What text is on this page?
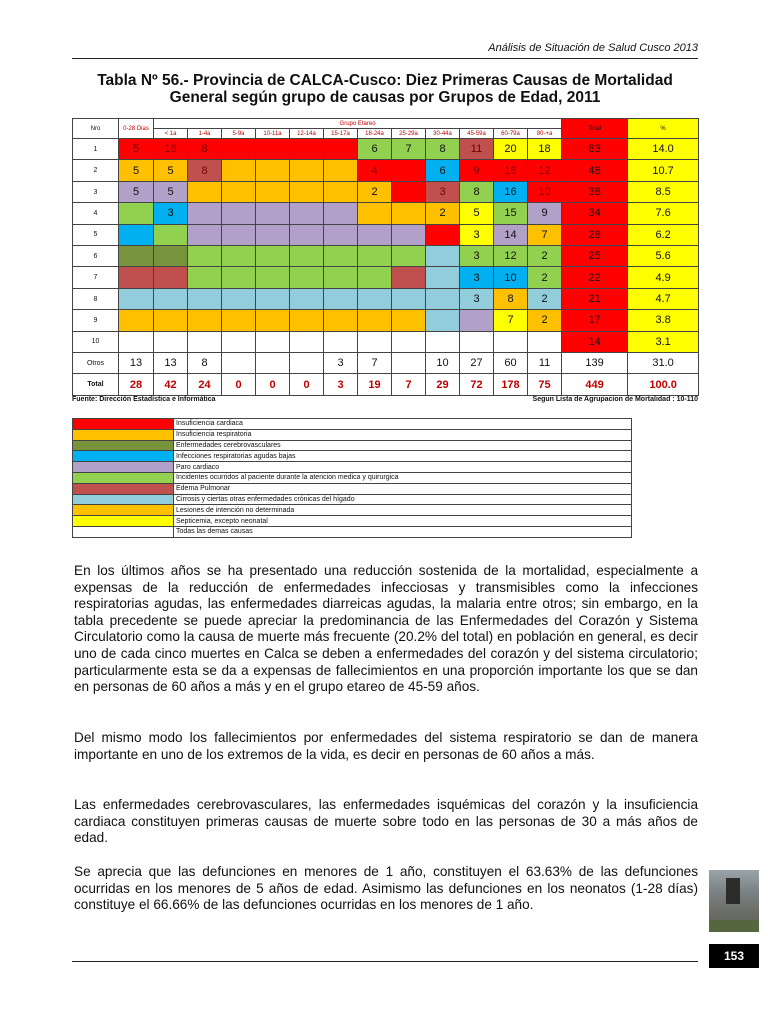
Análisis de Situación de Salud Cusco 2013
Tabla Nº 56.- Provincia de CALCA-Cusco: Diez Primeras Causas de Mortalidad
General según grupo de causas por Grupos de Edad, 2011
Nro	0-28 Dias	Grupo Etareo												Total	%
		< 1a	1-4a	5-9a	10-11a	12-14a	15-17a	18-24a	25-29a	30-44a	45-59a	60-79a	80-+a		
1	5	16	8					6	7	8	11	20	18	83	14.0
2	5	5	8					4		6	9	16	12	48	10.7
3	5	5						2		3	8	16	10	38	8.5
4		3								2	5	15	9	34	7.6
5											3	14	7	28	6.2
6											3	12	2	25	5.6
7											3	10	2	22	4.9
8											3	8	2	21	4.7
9												7	2	17	3.8
10														14	3.1
Otros	13	13	8				3	7		10	27	60	11	139	31.0
Total	28	42	24	0	0	0	3	19	7	29	72	178	75	449	100.0
Fuente: Dirección Estadística e Informática	Segun Lista de Agrupacion de Mortalidad : 10-110
	Insuficiencia cardiaca
	Insuficiencia respiratoria
	Enfermedades cerebrovasculares
	Infecciones respiratorias agudas bajas
	Paro cardiaco
	Incidentes ocurridos al paciente durante la atencion medica y quirurgica
	Edema Pulmonar
	Cirrosis y ciertas otras enfermedades crónicas del hígado
	Lesiones de intención no determinada
	Septicemia, excepto neonatal
	Todas las demas causas
En los últimos años se ha presentado una reducción sostenida de la mortalidad, especialmente a expensas de la reducción de enfermedades infecciosas y transmisibles como la infecciones respiratorias agudas, las enfermedades diarreicas agudas, la malaria entre otros; sin embargo, en la tabla precedente se puede apreciar la predominancia de las Enfermedades del Corazón y Sistema Circulatorio como la causa de muerte más frecuente (20.2% del total) en población en general, es decir uno de cada cinco muertes en Calca se deben a enfermedades del corazón y del sistema circulatorio; particularmente esta se da a expensas de fallecimientos en una proporción importante los que se dan en personas de 60 años a más y en el grupo etareo de 45-59 años.
Del mismo modo los fallecimientos por enfermedades del sistema respiratorio se dan de manera importante en uno de los extremos de la vida, es decir en personas de 60 años a más.
Las enfermedades cerebrovasculares, las enfermedades isquémicas del corazón y la insuficiencia cardiaca constituyen primeras causas de muerte sobre todo en las personas de 30 a más años de edad.
Se aprecia que las defunciones en menores de 1 año, constituyen el 63.63% de las defunciones ocurridas en los menores de 5 años de edad. Asimismo las defunciones en los neonatos (1-28 días) constituye el 66.66% de las defunciones ocurridas en los menores de 1 año.
153
